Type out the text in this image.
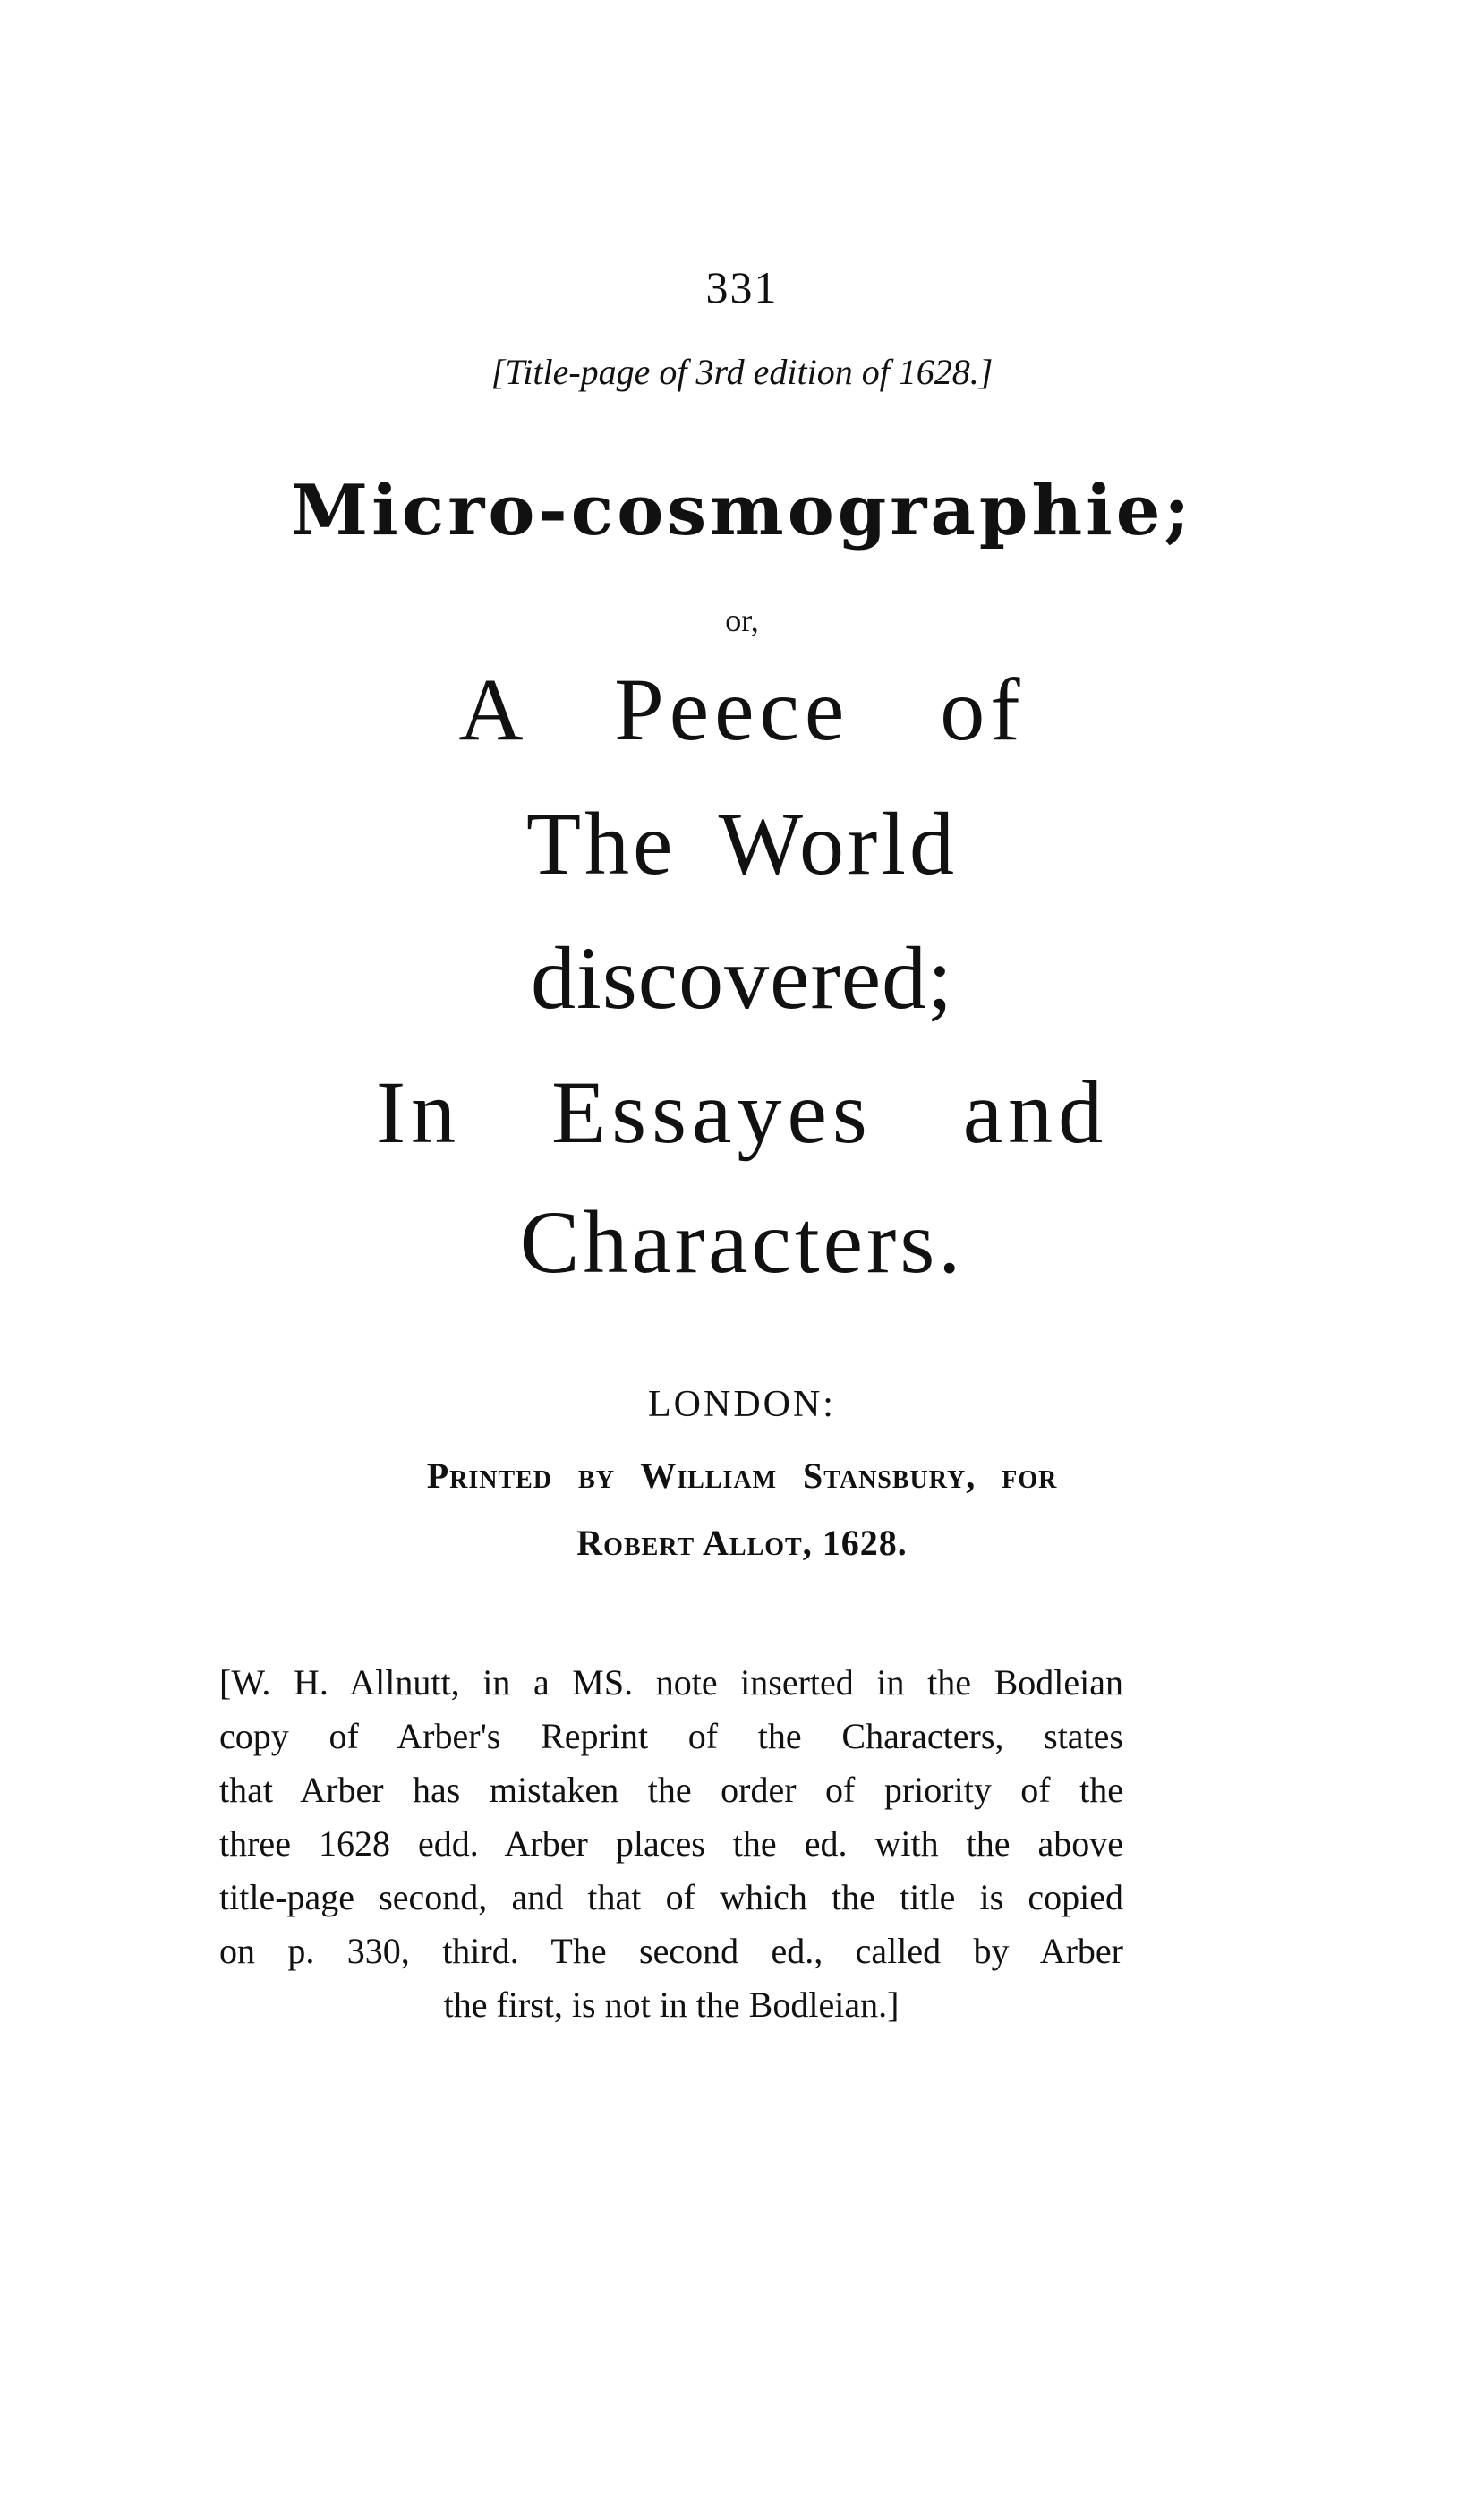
331
[Title-page of 3rd edition of 1628.]
Micro-cosmographie;
or,
A Peece of
The World
discovered;
In Essayes and
Characters.
LONDON:
Printed by William Stansbury, for
Robert Allot, 1628.
[W. H. Allnutt, in a MS. note inserted in the Bodleian
copy of Arber's Reprint of the Characters, states
that Arber has mistaken the order of priority of the
three 1628 edd. Arber places the ed. with the above
title-page second, and that of which the title is copied
on p. 330, third. The second ed., called by Arber
the first, is not in the Bodleian.]
